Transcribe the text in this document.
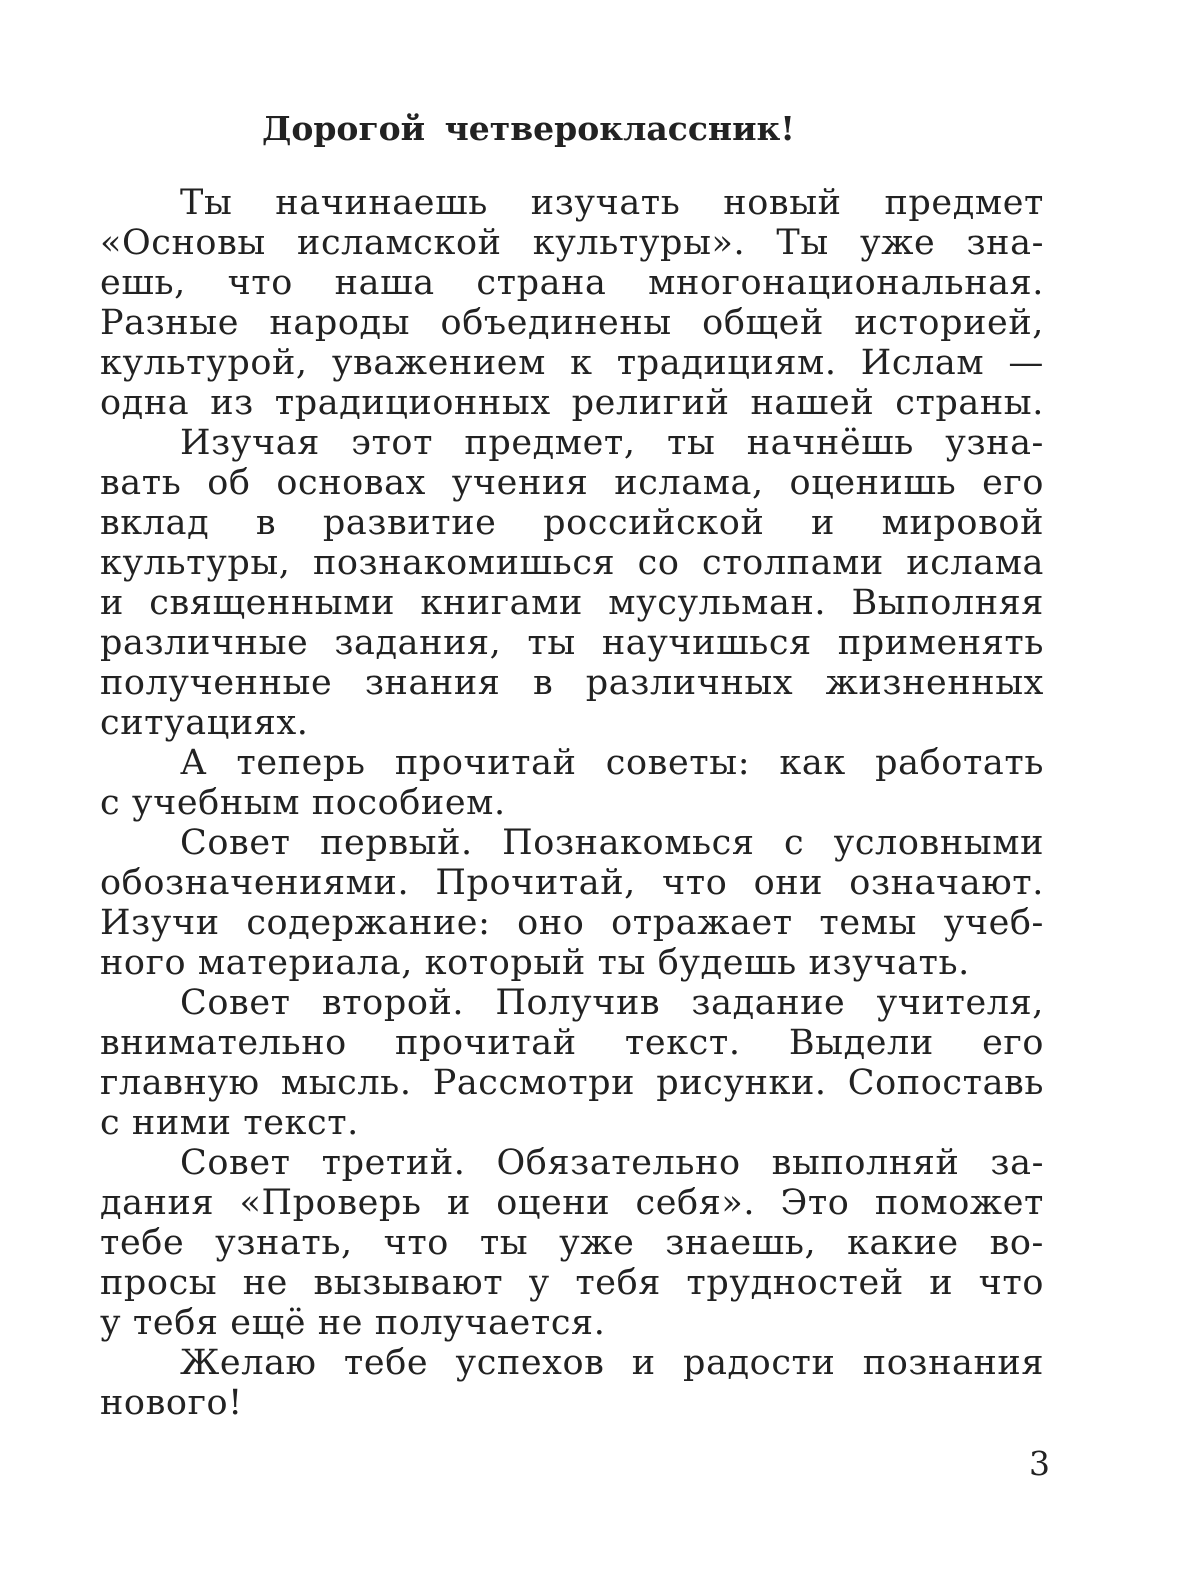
Дорогой четвероклассник!
Ты начинаешь изучать новый предмет
«Основы исламской культуры». Ты уже зна-
ешь, что наша страна многонациональная.
Разные народы объединены общей историей,
культурой, уважением к традициям. Ислам —
одна из традиционных религий нашей страны.
Изучая этот предмет, ты начнёшь узна-
вать об основах учения ислама, оценишь его
вклад в развитие российской и мировой
культуры, познакомишься со столпами ислама
и священными книгами мусульман. Выполняя
различные задания, ты научишься применять
полученные знания в различных жизненных
ситуациях.
А теперь прочитай советы: как работать
с учебным пособием.
Совет первый. Познакомься с условными
обозначениями. Прочитай, что они означают.
Изучи содержание: оно отражает темы учеб-
ного материала, который ты будешь изучать.
Совет второй. Получив задание учителя,
внимательно прочитай текст. Выдели его
главную мысль. Рассмотри рисунки. Сопоставь
с ними текст.
Совет третий. Обязательно выполняй за-
дания «Проверь и оцени себя». Это поможет
тебе узнать, что ты уже знаешь, какие во-
просы не вызывают у тебя трудностей и что
у тебя ещё не получается.
Желаю тебе успехов и радости познания
нового!
3
